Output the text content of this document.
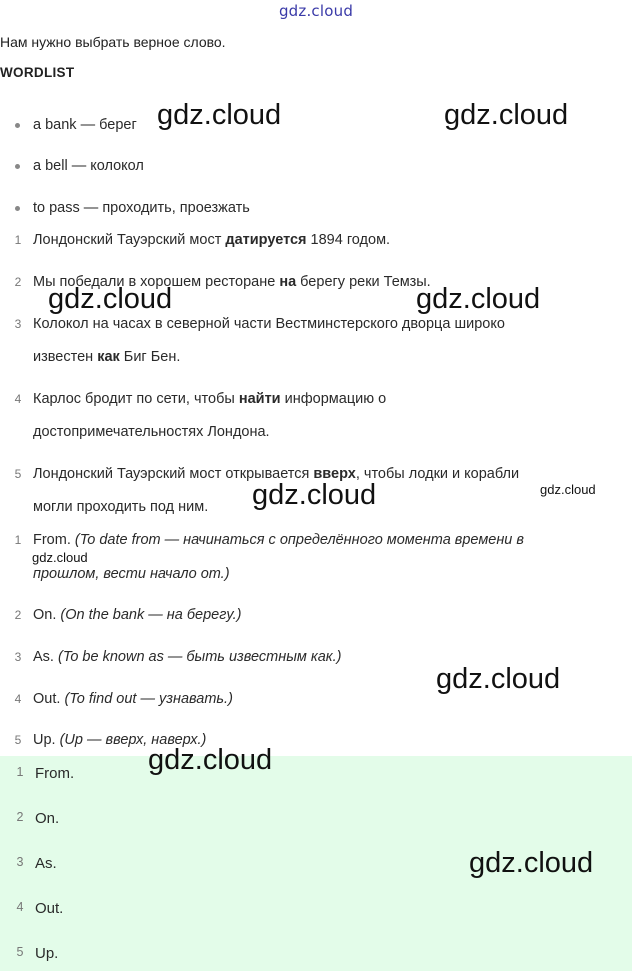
gdz.cloud
Нам нужно выбрать верное слово.
WORDLIST
a bank — берег
a bell — колокол
to pass — проходить, проезжать
1 Лондонский Тауэрский мост датируется 1894 годом.
2 Мы победали в хорошем ресторане на берегу реки Темзы.
3 Колокол на часах в северной части Вестминстерского дворца широко
известен как Биг Бен.
4 Карлос бродит по сети, чтобы найти информацию о
достопримечательностях Лондона.
5 Лондонский Тауэрский мост открывается вверх, чтобы лодки и корабли
могли проходить под ним.
1 From. (To date from — начинаться с определённого момента времени в
прошлом, вести начало от.)
2 On. (On the bank — на берегу.)
3 As. (To be known as — быть известным как.)
4 Out. (To find out — узнавать.)
5 Up. (Up — вверх, наверх.)
1 From.
2 On.
3 As.
4 Out.
5 Up.
gdz.cloud	gdz.cloud
gdz.cloud	gdz.cloud
gdz.cloud	gdz.cloud
gdz.cloud
gdz.cloud
gdz.cloud
gdz.cloud
